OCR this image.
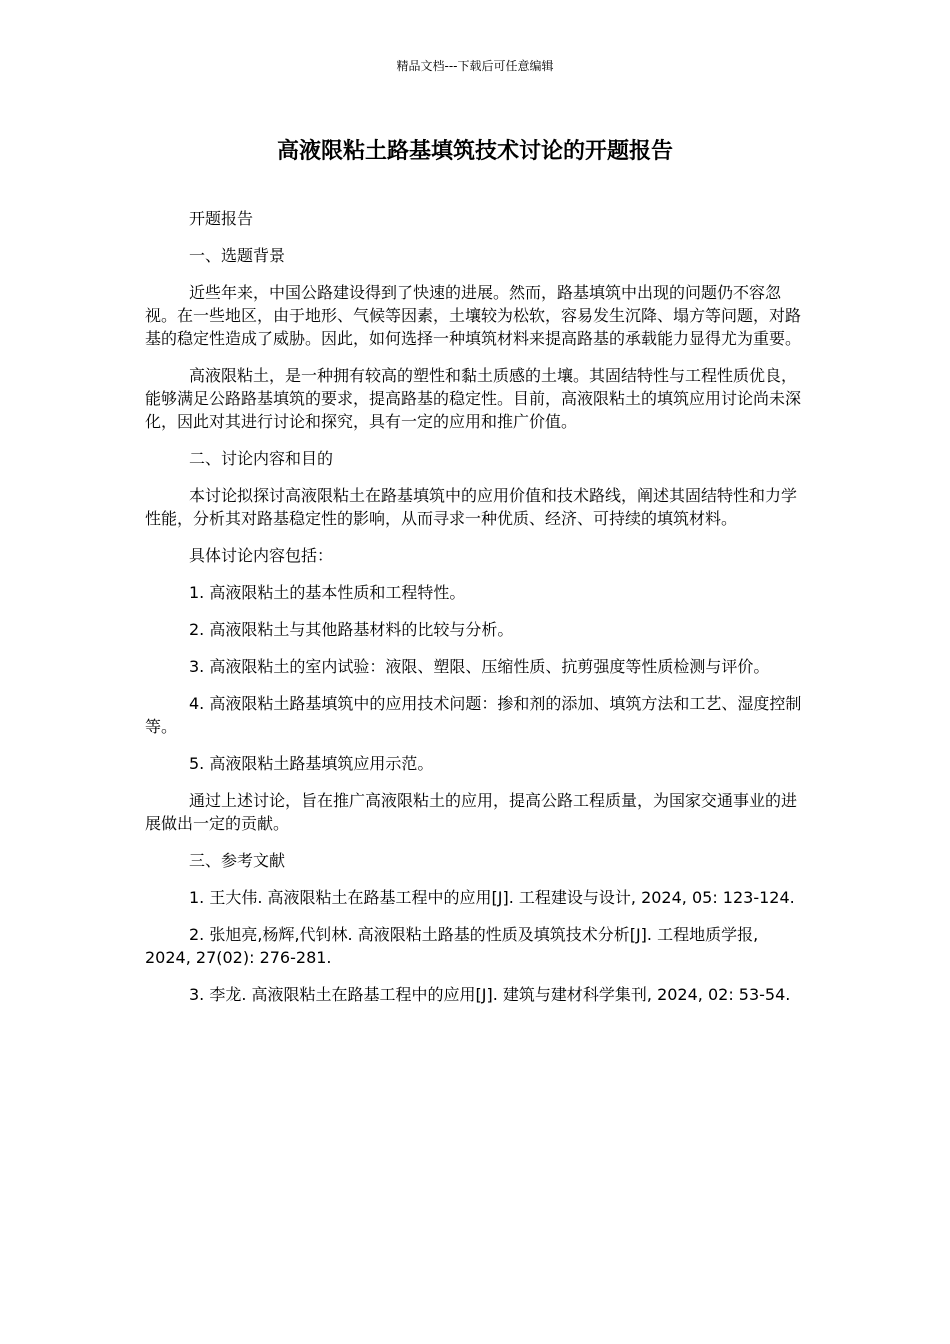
精品文档---下载后可任意编辑
高液限粘土路基填筑技术讨论的开题报告

开题报告

一、选题背景

近些年来，中国公路建设得到了快速的进展。然而，路基填筑中出现的问题仍不容忽视。在一些地区，由于地形、气候等因素，土壤较为松软，容易发生沉降、塌方等问题，对路基的稳定性造成了威胁。因此，如何选择一种填筑材料来提高路基的承载能力显得尤为重要。

高液限粘土，是一种拥有较高的塑性和黏土质感的土壤。其固结特性与工程性质优良，能够满足公路路基填筑的要求，提高路基的稳定性。目前，高液限粘土的填筑应用讨论尚未深化，因此对其进行讨论和探究，具有一定的应用和推广价值。

二、讨论内容和目的

本讨论拟探讨高液限粘土在路基填筑中的应用价值和技术路线，阐述其固结特性和力学性能，分析其对路基稳定性的影响，从而寻求一种优质、经济、可持续的填筑材料。

具体讨论内容包括：

1. 高液限粘土的基本性质和工程特性。

2. 高液限粘土与其他路基材料的比较与分析。

3. 高液限粘土的室内试验：液限、塑限、压缩性质、抗剪强度等性质检测与评价。

4. 高液限粘土路基填筑中的应用技术问题：掺和剂的添加、填筑方法和工艺、湿度控制等。

5. 高液限粘土路基填筑应用示范。

通过上述讨论，旨在推广高液限粘土的应用，提高公路工程质量，为国家交通事业的进展做出一定的贡献。

三、参考文献

1. 王大伟. 高液限粘土在路基工程中的应用[J]. 工程建设与设计, 2024, 05: 123-124.

2. 张旭亮,杨辉,代钊林. 高液限粘土路基的性质及填筑技术分析[J]. 工程地质学报, 2024, 27(02): 276-281.

3. 李龙. 高液限粘土在路基工程中的应用[J]. 建筑与建材科学集刊, 2024, 02: 53-54.
